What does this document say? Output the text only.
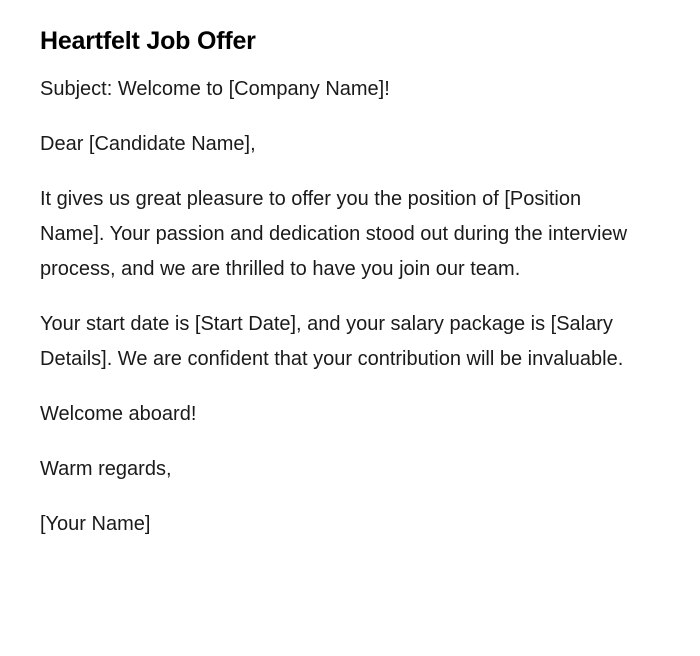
Heartfelt Job Offer

Subject: Welcome to [Company Name]!

Dear [Candidate Name],

It gives us great pleasure to offer you the position of [Position Name]. Your passion and dedication stood out during the interview process, and we are thrilled to have you join our team.

Your start date is [Start Date], and your salary package is [Salary Details]. We are confident that your contribution will be invaluable.

Welcome aboard!

Warm regards,

[Your Name]
